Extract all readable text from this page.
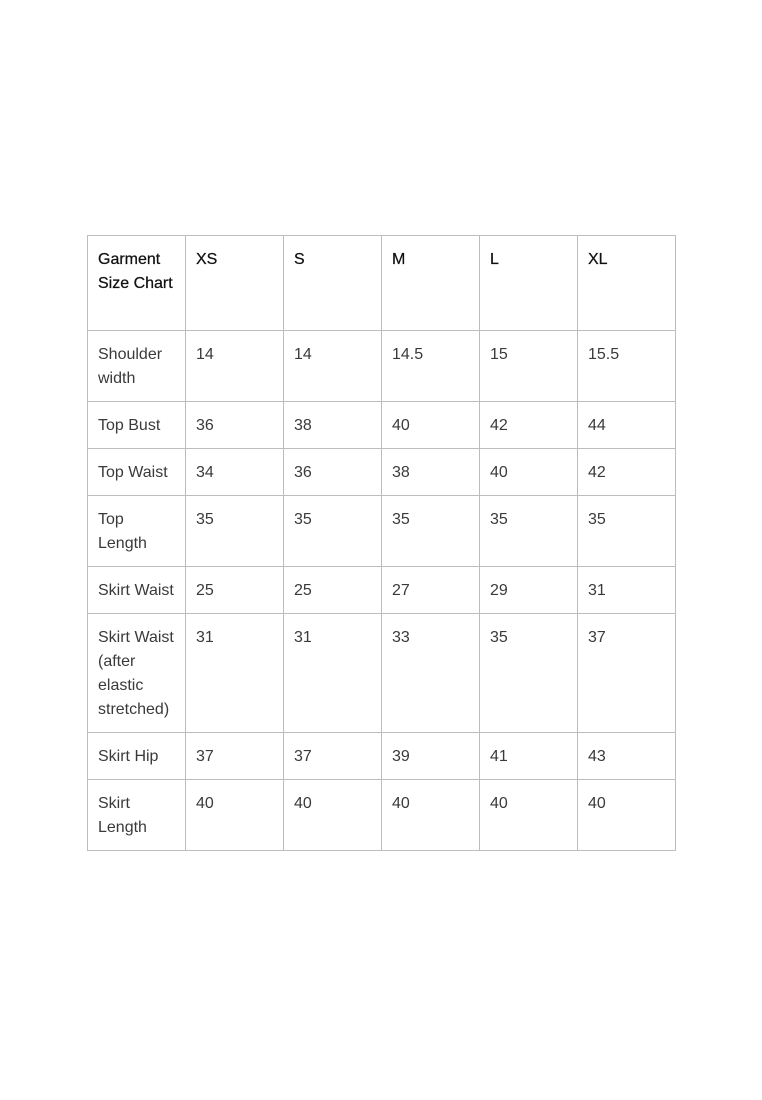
Garment Size Chart	XS	S	M	L	XL
Shoulder width	14	14	14.5	15	15.5
Top Bust	36	38	40	42	44
Top Waist	34	36	38	40	42
Top Length	35	35	35	35	35
Skirt Waist	25	25	27	29	31
Skirt Waist (after elastic stretched)	31	31	33	35	37
Skirt Hip	37	37	39	41	43
Skirt Length	40	40	40	40	40
